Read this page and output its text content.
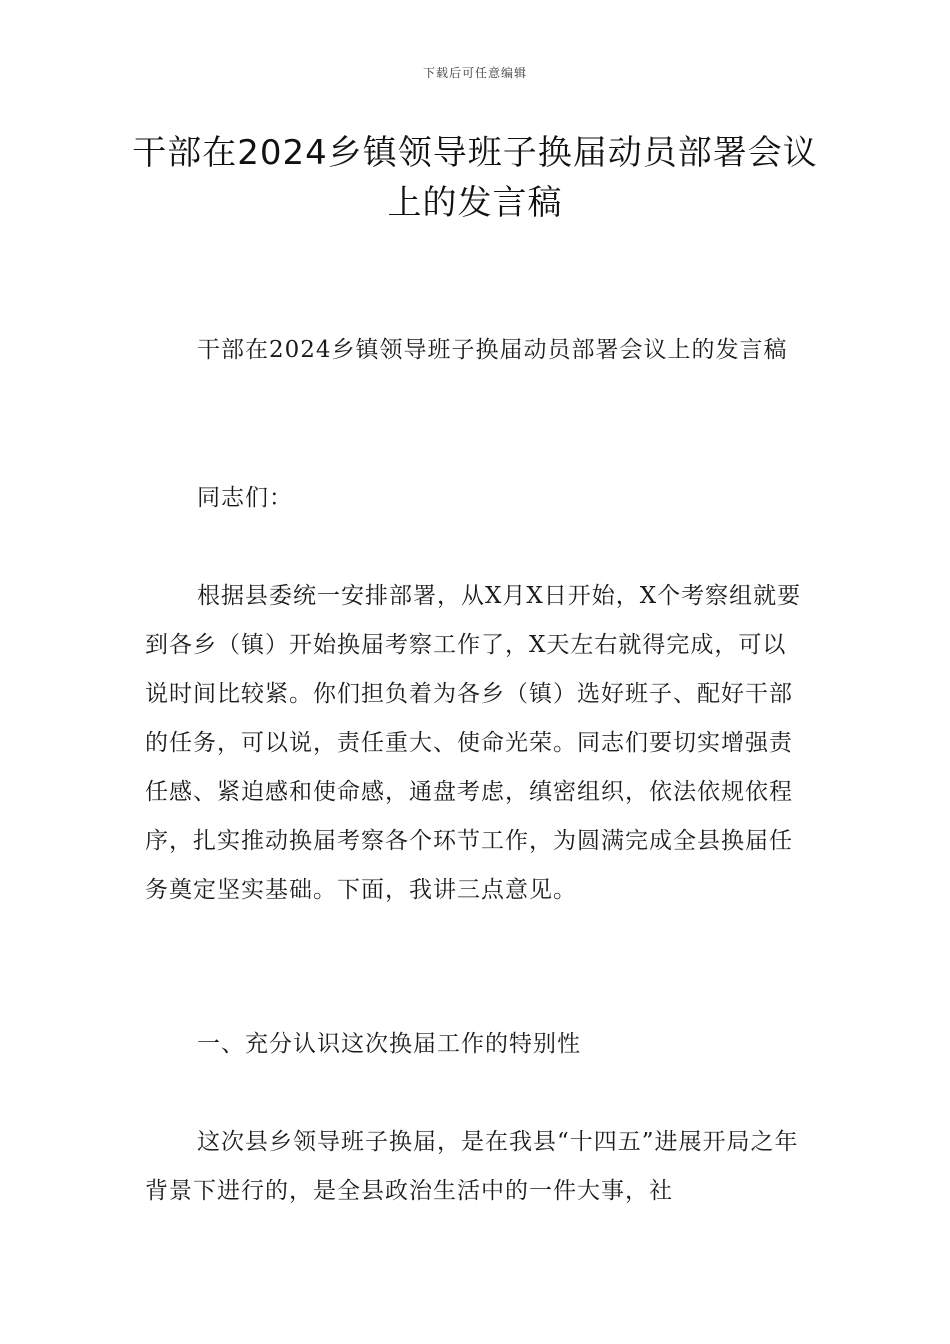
下载后可任意编辑
干部在2024乡镇领导班子换届动员部署会议上的发言稿

干部在2024乡镇领导班子换届动员部署会议上的发言稿

同志们：

根据县委统一安排部署，从X月X日开始，X个考察组就要到各乡（镇）开始换届考察工作了，X天左右就得完成，可以说时间比较紧。你们担负着为各乡（镇）选好班子、配好干部的任务，可以说，责任重大、使命光荣。同志们要切实增强责任感、紧迫感和使命感，通盘考虑，缜密组织，依法依规依程序，扎实推动换届考察各个环节工作，为圆满完成全县换届任务奠定坚实基础。下面，我讲三点意见。

一、充分认识这次换届工作的特别性

这次县乡领导班子换届，是在我县“十四五”进展开局之年背景下进行的，是全县政治生活中的一件大事，社
